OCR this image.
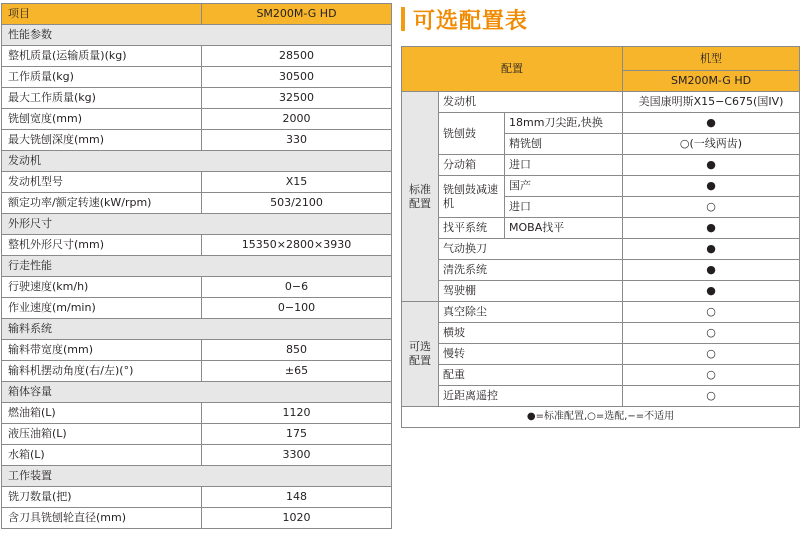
项目	SM200M-G HD
性能参数	
整机质量(运输质量)(kg)	28500
工作质量(kg)	30500
最大工作质量(kg)	32500
铣刨宽度(mm)	2000
最大铣刨深度(mm)	330
发动机	
发动机型号	X15
额定功率/额定转速(kW/rpm)	503/2100
外形尺寸	
整机外形尺寸(mm)	15350×2800×3930
行走性能	
行驶速度(km/h)	0−6
作业速度(m/min)	0−100
输料系统	
输料带宽度(mm)	850
输料机摆动角度(右/左)(°)	±65
箱体容量	
燃油箱(L)	1120
液压油箱(L)	175
水箱(L)	3300
工作装置	
铣刀数量(把)	148
含刀具铣刨轮直径(mm)	1020
可选配置表
配置			机型
			SM200M-G HD
标准配置	发动机		美国康明斯X15−C675(国IV)
	铣刨鼓	18mm刀尖距,快换	●
		精铣刨	○(一线两齿)
	分动箱	进口	●
	铣刨鼓减速机	国产	●
		进口	○
	找平系统	MOBA找平	●
	气动换刀		●
	清洗系统		●
	驾驶棚		●
可选配置	真空除尘		○
	横坡		○
	慢转		○
	配重		○
	近距离遥控		○
●=标准配置,○=选配,−=不适用			
